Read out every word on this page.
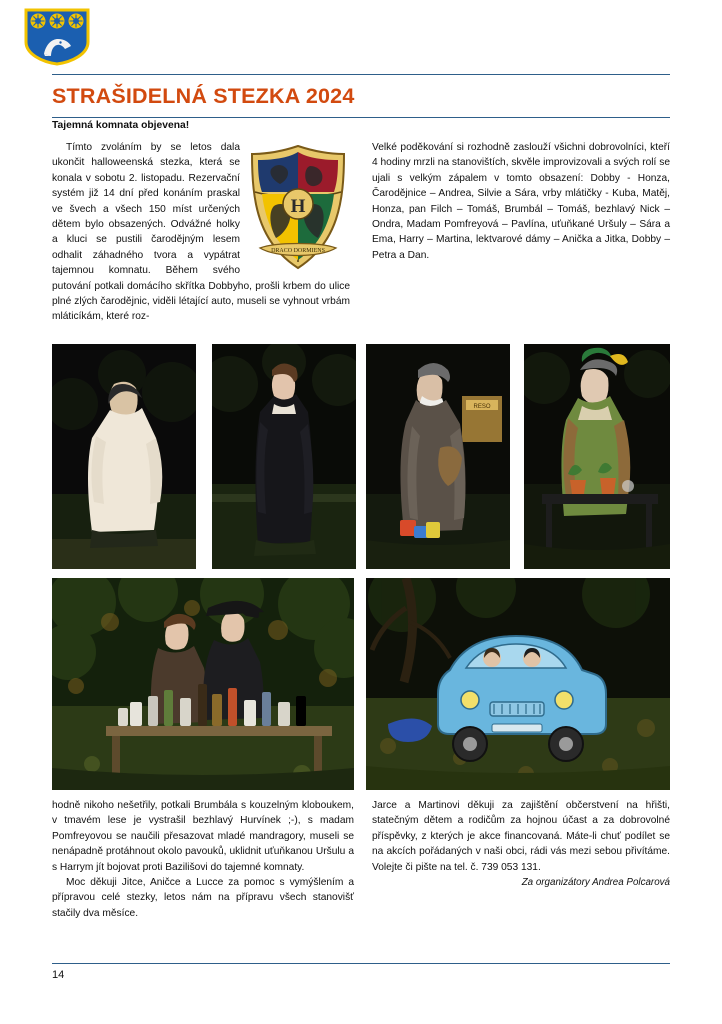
STRAŠIDELNÁ STEZKA 2024
Tajemná komnata objevena!
H
DRACO DORMIENS

Tímto zvoláním by se letos dala ukončit halloweenská stezka, která se konala v sobotu 2. listopadu. Rezervační systém již 14 dní před konáním praskal ve švech a všech 150 míst určených dětem bylo obsazených. Odvážné holky a kluci se pustili čarodějným lesem odhalit záhadného tvora a vypátrat tajemnou komnatu. Během svého putování potkali domácího skřítka Dobbyho, prošli krbem do ulice plné zlých čarodějnic, viděli létající auto, museli se vyhnout vrbám mláticíkám, které roz-

Velké poděkování si rozhodně zaslouží všichni dobrovolníci, kteří 4 hodiny mrzli na stanovištích, skvěle improvizovali a svých rolí se ujali s velkým zápalem v tomto obsazení: Dobby - Honza, Čarodějnice – Andrea, Silvie a Sára, vrby mlátičky - Kuba, Matěj, Honza, pan Filch – Tomáš, Brumbál – Tomáš, bezhlavý Nick – Ondra, Madam Pomfreyová – Pavlína, uťuňkané Uršuly – Sára a Ema, Harry – Martina, lektvarové dámy – Anička a Jitka, Dobby – Petra a Dan.

RESO

hodně nikoho nešetřily, potkali Brumbála s kouzelným kloboukem, v tmavém lese je vystrašil bezhlavý Hurvínek ;-), s madam Pomfreyovou se naučili přesazovat mladé mandragory, museli se nenápadně protáhnout okolo pavouků, uklidnit uťuňkanou Uršulu a s Harrym jít bojovat proti Bazilišovi do tajemné komnaty.

Moc děkuji Jitce, Aničce a Lucce za pomoc s vymýšlením a přípravou celé stezky, letos nám na přípravu všech stanovišť stačily dva měsíce.

Jarce a Martinovi děkuji za zajištění občerstvení na hřišti, statečným dětem a rodičům za hojnou účast a za dobrovolné příspěvky, z kterých je akce financovaná. Máte-li chuť podílet se na akcích pořádaných v naši obci, rádi vás mezi sebou přivítáme. Volejte či pište na tel. č. 739 053 131.

Za organizátory Andrea Polcarová

14
